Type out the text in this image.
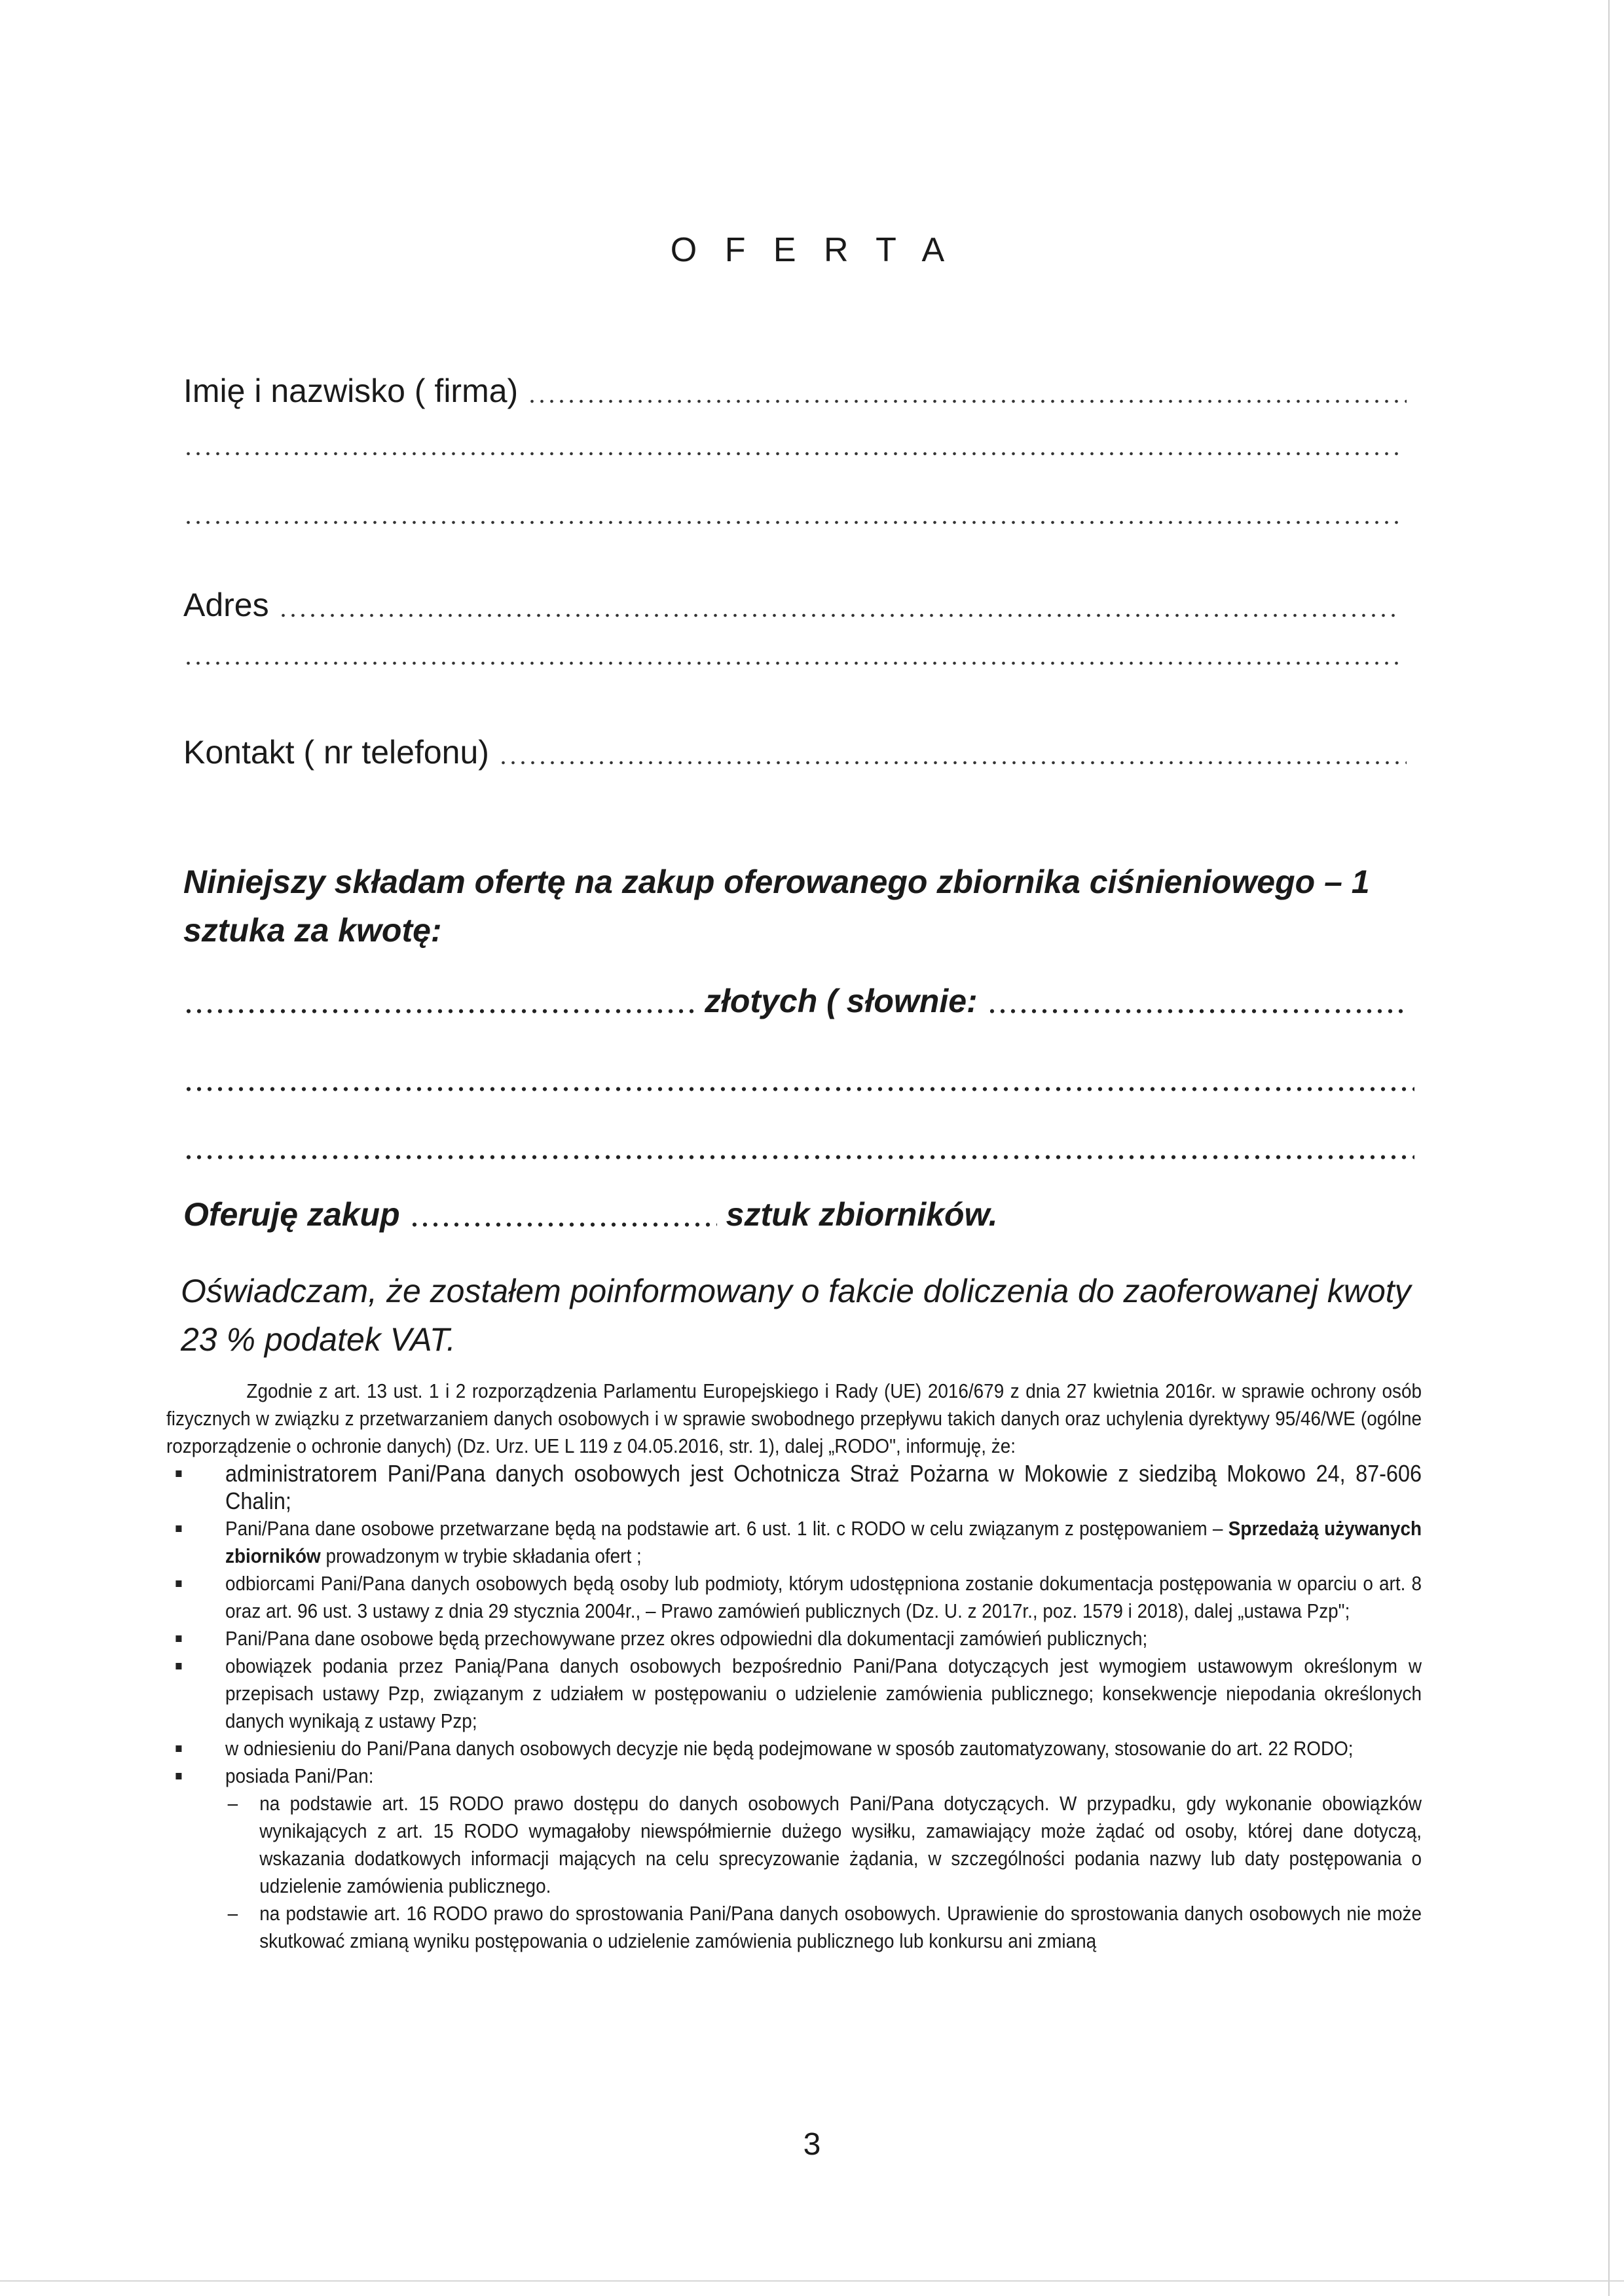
O F E R T A
Imię i nazwisko ( firma)
Adres
Kontakt ( nr telefonu)
Niniejszy składam ofertę na zakup oferowanego zbiornika ciśnieniowego – 1
sztuka za kwotę:
złotych ( słownie:
Oferuję zakup	sztuk zbiorników.
Oświadczam, że zostałem poinformowany o fakcie doliczenia do zaoferowanej kwoty 23 % podatek VAT.

Zgodnie z art. 13 ust. 1 i 2 rozporządzenia Parlamentu Europejskiego i Rady (UE) 2016/679 z dnia 27 kwietnia 2016r. w sprawie ochrony osób fizycznych w związku z przetwarzaniem danych osobowych i w sprawie swobodnego przepływu takich danych oraz uchylenia dyrektywy 95/46/WE (ogólne rozporządzenie o ochronie danych) (Dz. Urz. UE L 119 z 04.05.2016, str. 1), dalej „RODO", informuję, że:

administratorem Pani/Pana danych osobowych jest Ochotnicza Straż Pożarna w Mokowie z siedzibą Mokowo 24, 87-606 Chalin;
Pani/Pana dane osobowe przetwarzane będą na podstawie art. 6 ust. 1 lit. c RODO w celu związanym z postępowaniem – Sprzedażą używanych zbiorników prowadzonym w trybie składania ofert ;
odbiorcami Pani/Pana danych osobowych będą osoby lub podmioty, którym udostępniona zostanie dokumentacja postępowania w oparciu o art. 8 oraz art. 96 ust. 3 ustawy z dnia 29 stycznia 2004r., – Prawo zamówień publicznych (Dz. U. z 2017r., poz. 1579 i 2018), dalej „ustawa Pzp";
Pani/Pana dane osobowe będą przechowywane przez okres odpowiedni dla dokumentacji zamówień publicznych;
obowiązek podania przez Panią/Pana danych osobowych bezpośrednio Pani/Pana dotyczących jest wymogiem ustawowym określonym w przepisach ustawy Pzp, związanym z udziałem w postępowaniu o udzielenie zamówienia publicznego; konsekwencje niepodania określonych danych wynikają z ustawy Pzp;
w odniesieniu do Pani/Pana danych osobowych decyzje nie będą podejmowane w sposób zautomatyzowany, stosowanie do art. 22 RODO;
posiada Pani/Pan:
– na podstawie art. 15 RODO prawo dostępu do danych osobowych Pani/Pana dotyczących. W przypadku, gdy wykonanie obowiązków wynikających z art. 15 RODO wymagałoby niewspółmiernie dużego wysiłku, zamawiający może żądać od osoby, której dane dotyczą, wskazania dodatkowych informacji mających na celu sprecyzowanie żądania, w szczególności podania nazwy lub daty postępowania o udzielenie zamówienia publicznego.
– na podstawie art. 16 RODO prawo do sprostowania Pani/Pana danych osobowych. Uprawienie do sprostowania danych osobowych nie może skutkować zmianą wyniku postępowania o udzielenie zamówienia publicznego lub konkursu ani zmianą
3
